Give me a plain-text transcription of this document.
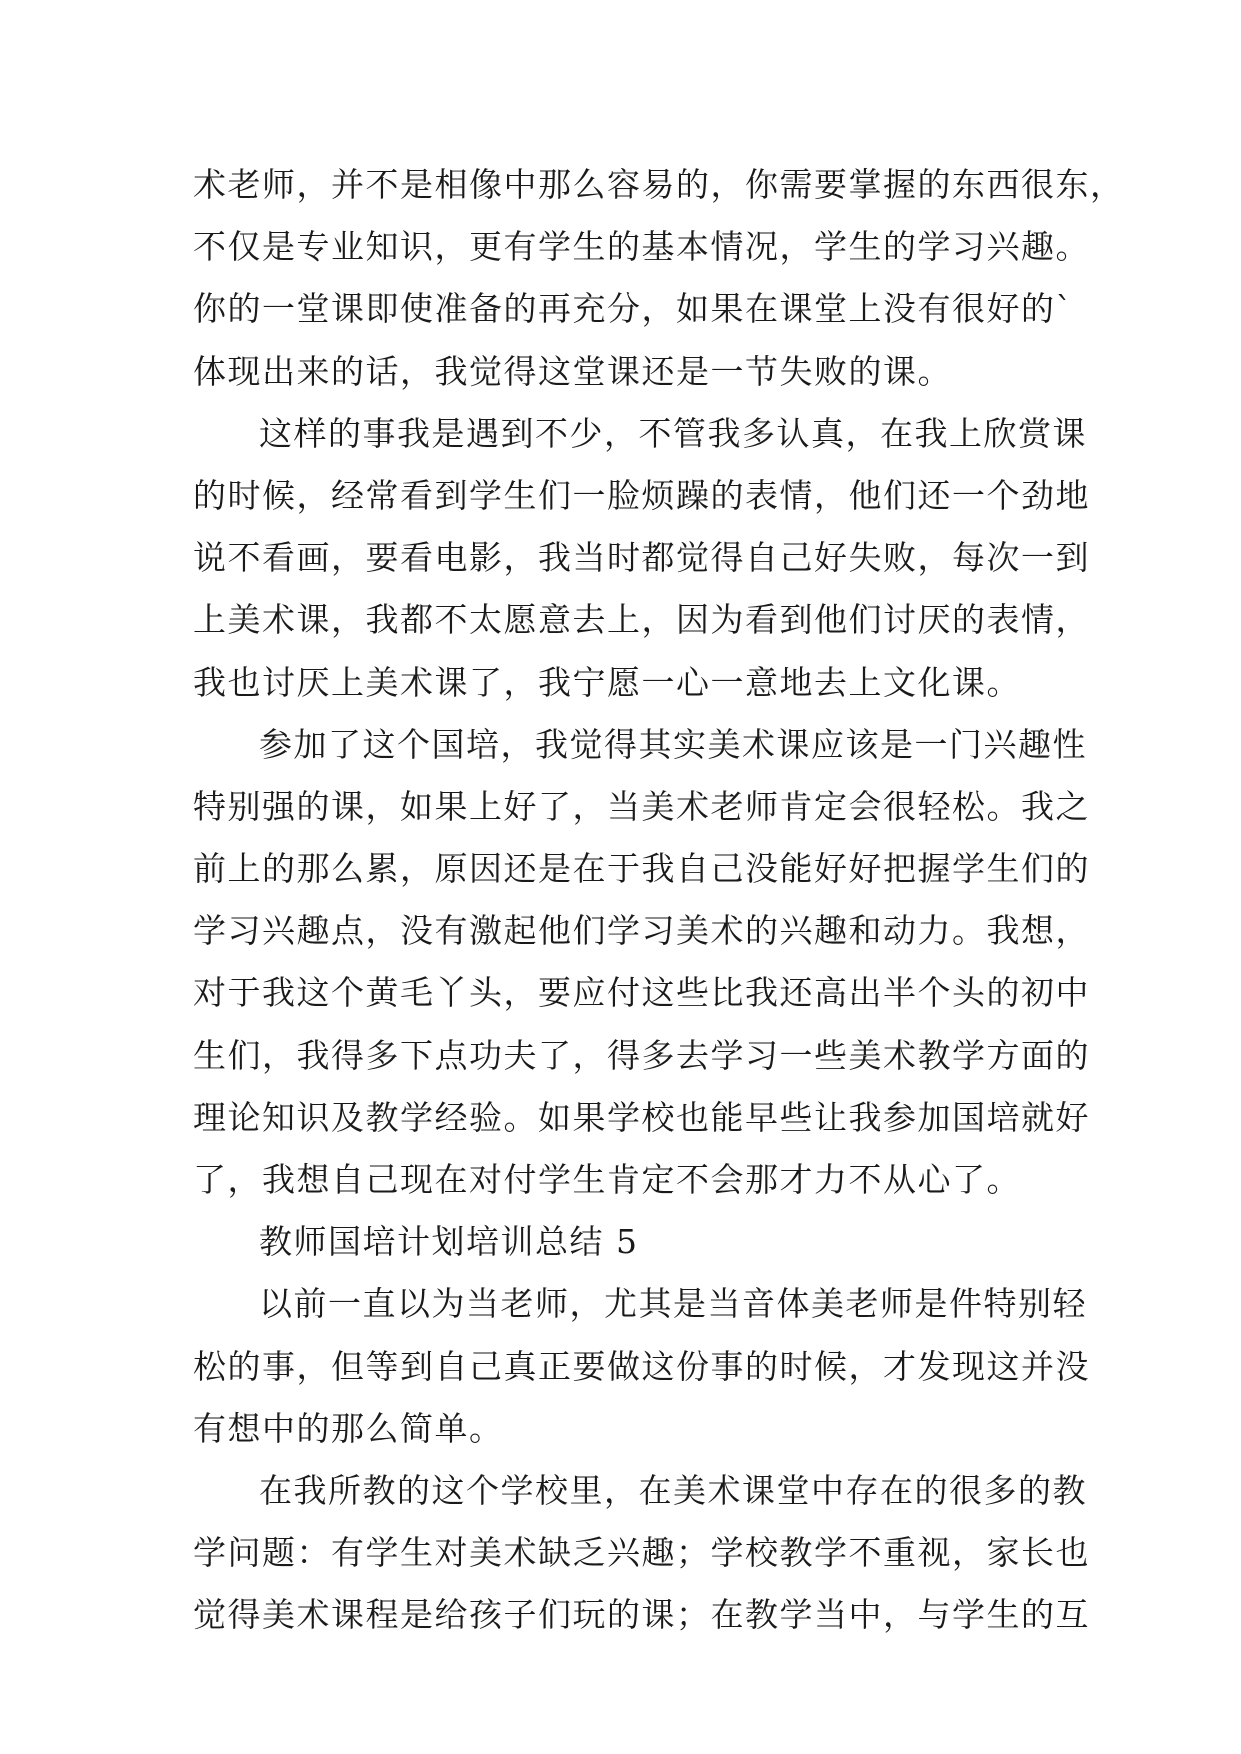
术老师，并不是相像中那么容易的，你需要掌握的东西很东，
不仅是专业知识，更有学生的基本情况，学生的学习兴趣。
你的一堂课即使准备的再充分，如果在课堂上没有很好的`
体现出来的话，我觉得这堂课还是一节失败的课。
这样的事我是遇到不少，不管我多认真，在我上欣赏课
的时候，经常看到学生们一脸烦躁的表情，他们还一个劲地
说不看画，要看电影，我当时都觉得自己好失败，每次一到
上美术课，我都不太愿意去上，因为看到他们讨厌的表情，
我也讨厌上美术课了，我宁愿一心一意地去上文化课。
参加了这个国培，我觉得其实美术课应该是一门兴趣性
特别强的课，如果上好了，当美术老师肯定会很轻松。我之
前上的那么累，原因还是在于我自己没能好好把握学生们的
学习兴趣点，没有激起他们学习美术的兴趣和动力。我想，
对于我这个黄毛丫头，要应付这些比我还高出半个头的初中
生们，我得多下点功夫了，得多去学习一些美术教学方面的
理论知识及教学经验。如果学校也能早些让我参加国培就好
了，我想自己现在对付学生肯定不会那才力不从心了。
教师国培计划培训总结 5
以前一直以为当老师，尤其是当音体美老师是件特别轻
松的事，但等到自己真正要做这份事的时候，才发现这并没
有想中的那么简单。
在我所教的这个学校里，在美术课堂中存在的很多的教
学问题：有学生对美术缺乏兴趣；学校教学不重视，家长也
觉得美术课程是给孩子们玩的课；在教学当中，与学生的互
